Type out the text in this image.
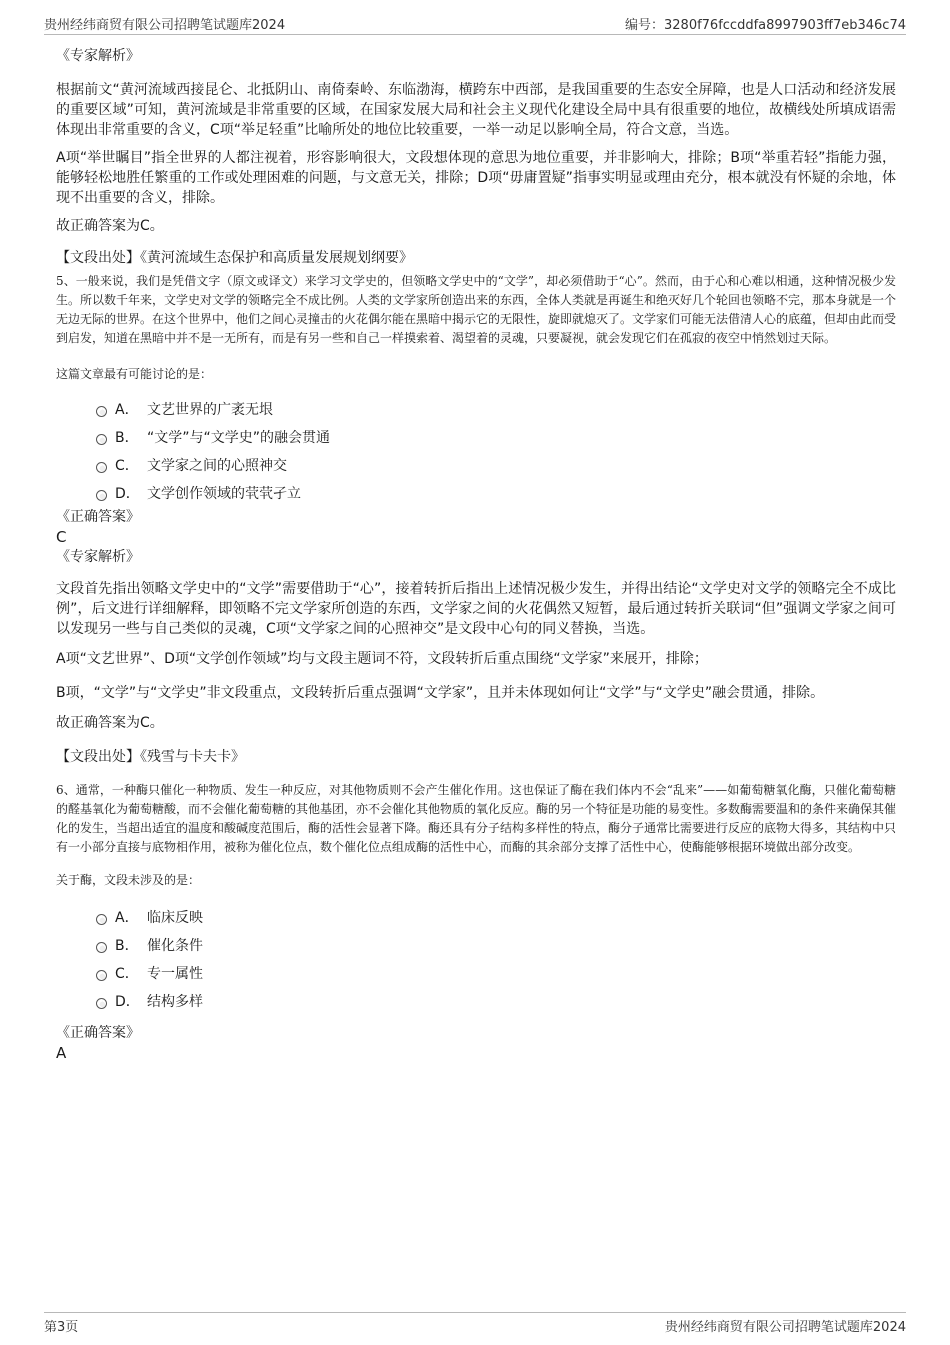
贵州经纬商贸有限公司招聘笔试题库2024	编号：3280f76fccddfa8997903ff7eb346c74

《专家解析》

根据前文“黄河流域西接昆仑、北抵阴山、南倚秦岭、东临渤海，横跨东中西部，是我国重要的生态安全屏障，也是人口活动和经济发展的重要区域”可知，黄河流域是非常重要的区域，在国家发展大局和社会主义现代化建设全局中具有很重要的地位，故横线处所填成语需体现出非常重要的含义，C项“举足轻重”比喻所处的地位比较重要，一举一动足以影响全局，符合文意，当选。

A项“举世瞩目”指全世界的人都注视着，形容影响很大，文段想体现的意思为地位重要，并非影响大，排除；B项“举重若轻”指能力强，能够轻松地胜任繁重的工作或处理困难的问题，与文意无关，排除；D项“毋庸置疑”指事实明显或理由充分，根本就没有怀疑的余地，体现不出重要的含义，排除。

故正确答案为C。

【文段出处】《黄河流域生态保护和高质量发展规划纲要》

5、一般来说，我们是凭借文字（原文或译文）来学习文学史的，但领略文学史中的“文学”，却必须借助于“心”。然而，由于心和心难以相通，这种情况极少发生。所以数千年来，文学史对文学的领略完全不成比例。人类的文学家所创造出来的东西，全体人类就是再诞生和绝灭好几个轮回也领略不完，那本身就是一个无边无际的世界。在这个世界中，他们之间心灵撞击的火花偶尔能在黑暗中揭示它的无限性，旋即就熄灭了。文学家们可能无法借清人心的底蕴，但却由此而受到启发，知道在黑暗中并不是一无所有，而是有另一些和自己一样摸索着、渴望着的灵魂，只要凝视，就会发现它们在孤寂的夜空中悄然划过天际。

这篇文章最有可能讨论的是：

A． 文艺世界的广袤无垠
B． “文学”与“文学史”的融会贯通
C． 文学家之间的心照神交
D． 文学创作领域的茕茕孑立

《正确答案》

C

《专家解析》

文段首先指出领略文学史中的“文学”需要借助于“心”，接着转折后指出上述情况极少发生，并得出结论“文学史对文学的领略完全不成比例”，后文进行详细解释，即领略不完文学家所创造的东西，文学家之间的火花偶然又短暂，最后通过转折关联词“但”强调文学家之间可以发现另一些与自己类似的灵魂，C项“文学家之间的心照神交”是文段中心句的同义替换，当选。

A项“文艺世界”、D项“文学创作领域”均与文段主题词不符，文段转折后重点围绕“文学家”来展开，排除；

B项，“文学”与“文学史”非文段重点，文段转折后重点强调“文学家”，且并未体现如何让“文学”与“文学史”融会贯通，排除。

故正确答案为C。

【文段出处】《残雪与卡夫卡》

6、通常，一种酶只催化一种物质、发生一种反应，对其他物质则不会产生催化作用。这也保证了酶在我们体内不会“乱来”——如葡萄糖氧化酶，只催化葡萄糖的醛基氧化为葡萄糖酸，而不会催化葡萄糖的其他基团，亦不会催化其他物质的氧化反应。酶的另一个特征是功能的易变性。多数酶需要温和的条件来确保其催化的发生，当超出适宜的温度和酸碱度范围后，酶的活性会显著下降。酶还具有分子结构多样性的特点，酶分子通常比需要进行反应的底物大得多，其结构中只有一小部分直接与底物相作用，被称为催化位点，数个催化位点组成酶的活性中心，而酶的其余部分支撑了活性中心，使酶能够根据环境做出部分改变。

关于酶，文段未涉及的是：

A． 临床反映
B． 催化条件
C． 专一属性
D． 结构多样

《正确答案》

A

第3页	贵州经纬商贸有限公司招聘笔试题库2024
